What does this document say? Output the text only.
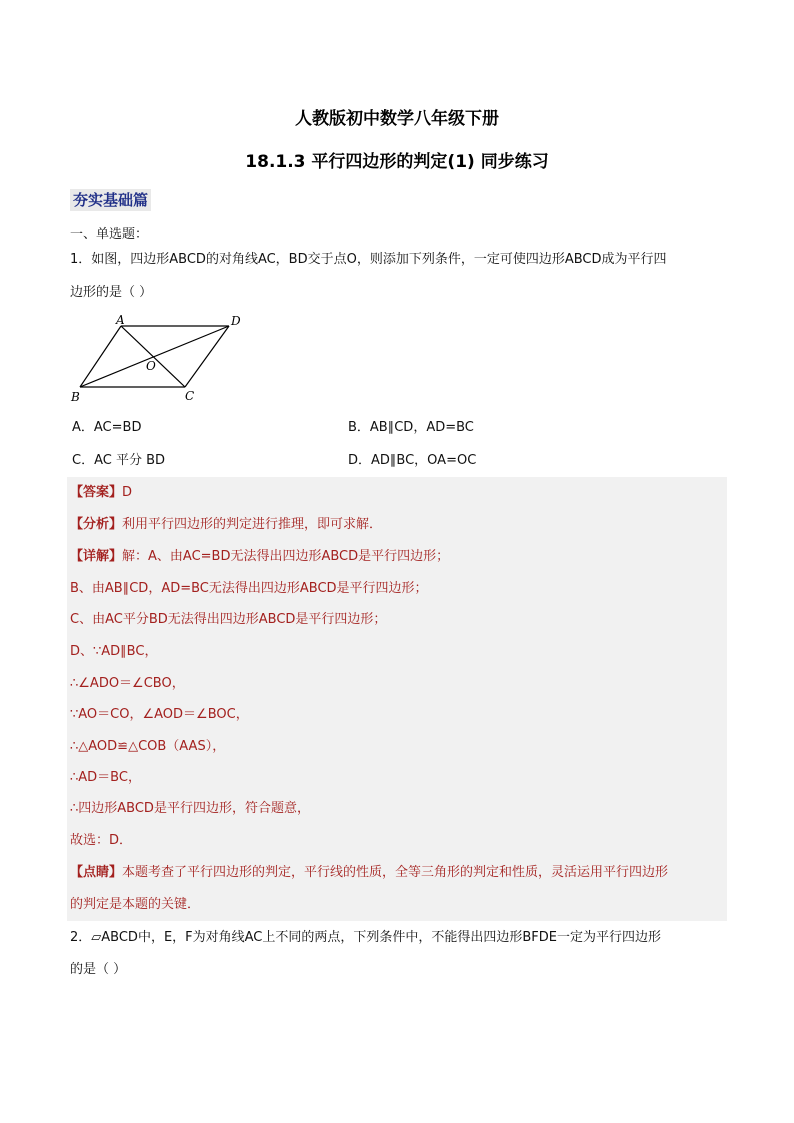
人教版初中数学八年级下册
18.1.3 平行四边形的判定(1) 同步练习
夯实基础篇
一、单选题：
1．如图，四边形ABCD的对角线AC，BD交于点O，则添加下列条件，一定可使四边形ABCD成为平行四
边形的是（ ）
A	D
O
B	C
A．AC=BD	B．AB∥CD，AD=BC
C．AC 平分 BD	D．AD∥BC，OA=OC
【答案】D
【分析】利用平行四边形的判定进行推理，即可求解．
【详解】解：A、由AC=BD无法得出四边形ABCD是平行四边形；
B、由AB∥CD，AD=BC无法得出四边形ABCD是平行四边形；
C、由AC平分BD无法得出四边形ABCD是平行四边形；
D、∵AD∥BC，
∴∠ADO＝∠CBO，
∵AO＝CO，∠AOD＝∠BOC，
∴△AOD≌△COB（AAS），
∴AD＝BC，
∴四边形ABCD是平行四边形，符合题意，
故选：D．
【点睛】本题考查了平行四边形的判定，平行线的性质，全等三角形的判定和性质，灵活运用平行四边形
的判定是本题的关键．
2．▱ABCD中，E，F为对角线AC上不同的两点，下列条件中，不能得出四边形BFDE一定为平行四边形
的是（ ）
